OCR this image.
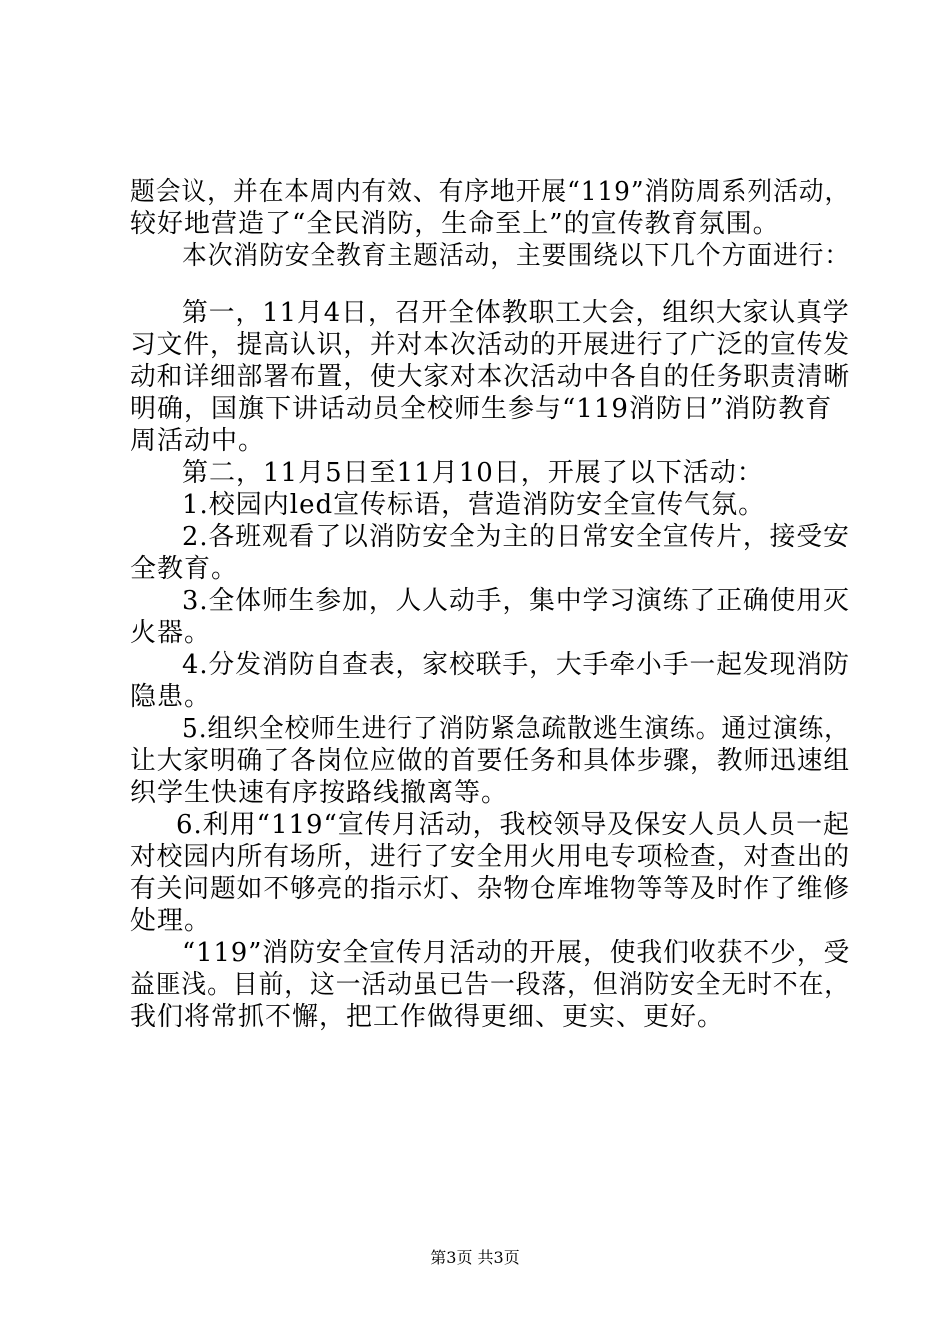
题会议，并在本周内有效、有序地开展“119”消防周系列活动，
较好地营造了“全民消防，生命至上”的宣传教育氛围。
本次消防安全教育主题活动，主要围绕以下几个方面进行：
第一，11月4日，召开全体教职工大会，组织大家认真学
习文件，提高认识，并对本次活动的开展进行了广泛的宣传发
动和详细部署布置，使大家对本次活动中各自的任务职责清晰
明确，国旗下讲话动员全校师生参与“119消防日”消防教育
周活动中。
第二，11月5日至11月10日，开展了以下活动：
1.校园内led宣传标语，营造消防安全宣传气氛。
2.各班观看了以消防安全为主的日常安全宣传片，接受安
全教育。
3.全体师生参加，人人动手，集中学习演练了正确使用灭
火器。
4.分发消防自查表，家校联手，大手牵小手一起发现消防
隐患。
5.组织全校师生进行了消防紧急疏散逃生演练。通过演练，
让大家明确了各岗位应做的首要任务和具体步骤，教师迅速组
织学生快速有序按路线撤离等。
6.利用“119“宣传月活动，我校领导及保安人员人员一起
对校园内所有场所，进行了安全用火用电专项检查，对查出的
有关问题如不够亮的指示灯、杂物仓库堆物等等及时作了维修
处理。
“119”消防安全宣传月活动的开展，使我们收获不少，受
益匪浅。目前，这一活动虽已告一段落，但消防安全无时不在，
我们将常抓不懈，把工作做得更细、更实、更好。
第3页 共3页
